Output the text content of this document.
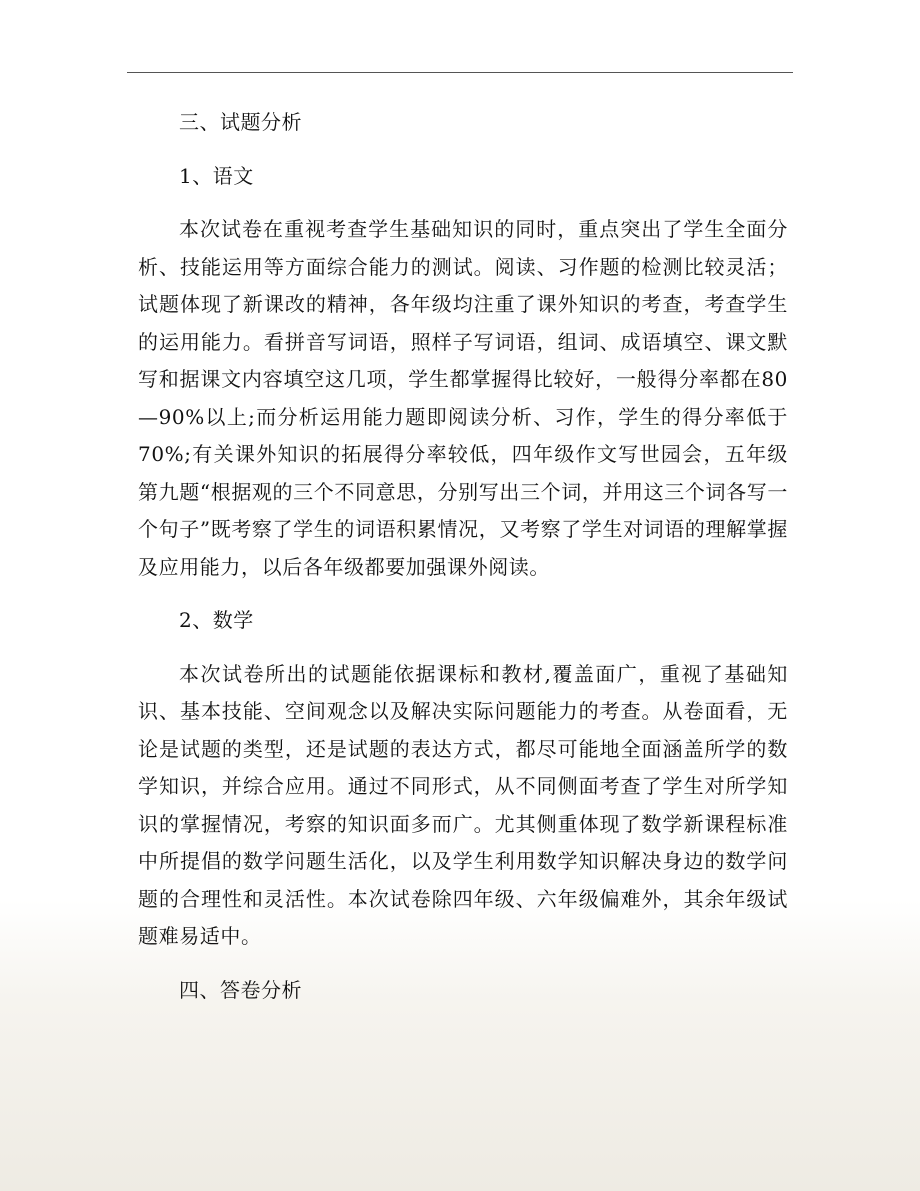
三、试题分析

1、语文

本次试卷在重视考查学生基础知识的同时，重点突出了学生全面分析、技能运用等方面综合能力的测试。阅读、习作题的检测比较灵活；试题体现了新课改的精神，各年级均注重了课外知识的考查，考查学生的运用能力。看拼音写词语，照样子写词语，组词、成语填空、课文默写和据课文内容填空这几项，学生都掌握得比较好，一般得分率都在80—90%以上;而分析运用能力题即阅读分析、习作，学生的得分率低于70%;有关课外知识的拓展得分率较低，四年级作文写世园会，五年级第九题“根据观的三个不同意思，分别写出三个词，并用这三个词各写一个句子”既考察了学生的词语积累情况，又考察了学生对词语的理解掌握及应用能力，以后各年级都要加强课外阅读。

2、数学

本次试卷所出的试题能依据课标和教材,覆盖面广，重视了基础知识、基本技能、空间观念以及解决实际问题能力的考查。从卷面看，无论是试题的类型，还是试题的表达方式，都尽可能地全面涵盖所学的数学知识，并综合应用。通过不同形式，从不同侧面考查了学生对所学知识的掌握情况，考察的知识面多而广。尤其侧重体现了数学新课程标准中所提倡的数学问题生活化，以及学生利用数学知识解决身边的数学问题的合理性和灵活性。本次试卷除四年级、六年级偏难外，其余年级试题难易适中。

四、答卷分析
